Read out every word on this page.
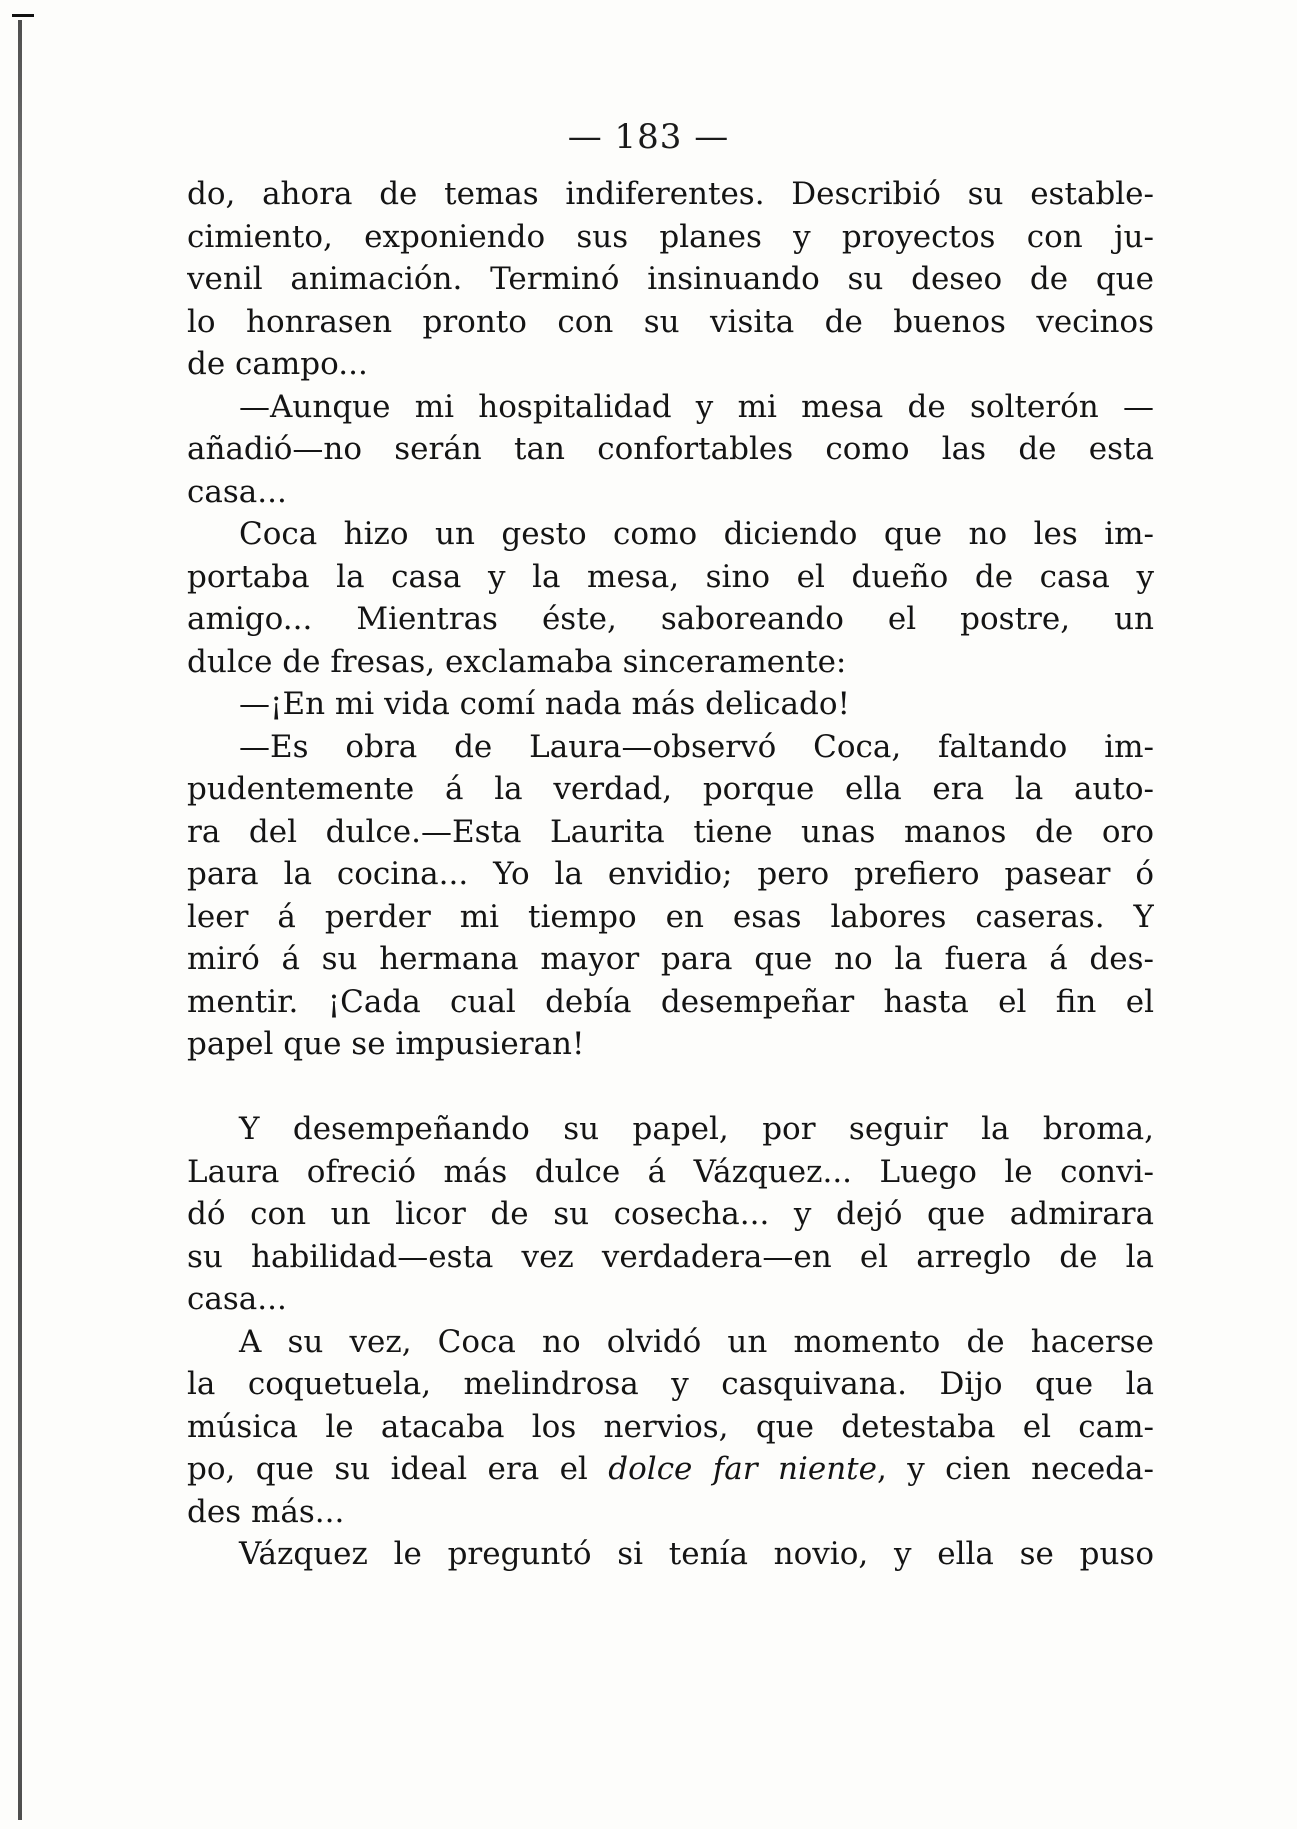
— 183 —
do, ahora de temas indiferentes. Describió su estable-
cimiento, exponiendo sus planes y proyectos con ju-
venil animación. Terminó insinuando su deseo de que
lo honrasen pronto con su visita de buenos vecinos
de campo...
—Aunque mi hospitalidad y mi mesa de solterón —
añadió—no serán tan confortables como las de esta
casa...
Coca hizo un gesto como diciendo que no les im-
portaba la casa y la mesa, sino el dueño de casa y
amigo... Mientras éste, saboreando el postre, un
dulce de fresas, exclamaba sinceramente:
—¡En mi vida comí nada más delicado!
—Es obra de Laura—observó Coca, faltando im-
pudentemente á la verdad, porque ella era la auto-
ra del dulce.—Esta Laurita tiene unas manos de oro
para la cocina... Yo la envidio; pero prefiero pasear ó
leer á perder mi tiempo en esas labores caseras. Y
miró á su hermana mayor para que no la fuera á des-
mentir. ¡Cada cual debía desempeñar hasta el fin el
papel que se impusieran!
Y desempeñando su papel, por seguir la broma,
Laura ofreció más dulce á Vázquez... Luego le convi-
dó con un licor de su cosecha... y dejó que admirara
su habilidad—esta vez verdadera—en el arreglo de la
casa...
A su vez, Coca no olvidó un momento de hacerse
la coquetuela, melindrosa y casquivana. Dijo que la
música le atacaba los nervios, que detestaba el cam-
po, que su ideal era el dolce far niente, y cien neceda-
des más...
Vázquez le preguntó si tenía novio, y ella se puso
